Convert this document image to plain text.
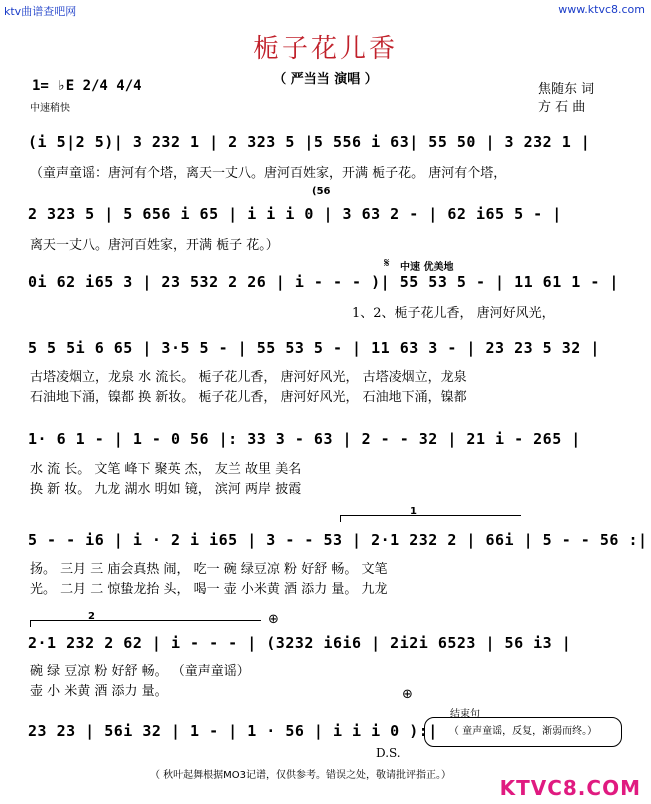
ktv曲谱查吧网	www.ktvc8.com
栀子花儿香
（ 严当当 演唱 ）
1= ♭E 2/4 4/4
中速稍快
焦随东 词
方 石 曲
(i 5|2 5)| 3 232 1 | 2 323 5 |5 556 i 63| 55 50 | 3 232 1 |
（童声童谣：唐河有个塔，离天一丈八。唐河百姓家，开满 栀子花。 唐河有个塔，
(56
2 323 5 | 5 656 i 65 | i i i 0 | 3 63 2 - | 62 i65 5 - |
离天一丈八。唐河百姓家，开满 栀子 花。）
𝄋 中速 优美地
0i 62 i65 3 | 23 532 2 26 | i - - - )| 55 53 5 - | 11 61 1 - |
1、2、栀子花儿香， 唐河好风光，
5 5 5i 6 65 | 3·5 5 - | 55 53 5 - | 11 63 3 - | 23 23 5 32 |
古塔凌烟立，龙泉 水 流长。 栀子花儿香， 唐河好风光， 古塔凌烟立，龙泉
石油地下涌，镍都 换 新妆。 栀子花儿香， 唐河好风光， 石油地下涌，镍都
1· 6 1 - | 1 - 0 56 |: 33 3 - 63 | 2 - - 32 | 21 i - 265 |
水 流 长。 文笔 峰下 聚英 杰， 友兰 故里 美名
换 新 妆。 九龙 湖水 明如 镜， 滨河 两岸 披霞
1
5 - - i6 | i · 2 i i65 | 3 - - 53 | 2·1 232 2 | 66i | 5 - - 56 :|
扬。 三月 三 庙会真热 闹， 吃一 碗 绿豆凉 粉 好舒 畅。 文笔
光。 二月 二 惊蛰龙抬 头， 喝一 壶 小米黄 酒 添力 量。 九龙
2	⊕
2·1 232 2 62 | i - - - | (3232 i6i6 | 2i2i 6523 | 56 i3 |
碗 绿 豆凉 粉 好舒 畅。 （童声童谣）
壶 小 米黄 酒 添力 量。	⊕
结束句
23 23 | 56i 32 | 1 - | 1 · 56 | i i i 0 ):|	（ 童声童谣，反复，渐弱而终。）
D.S.
（ 秋叶起舞根据MO3记谱，仅供参考。错误之处，敬请批评指正。）
KTVC8.COM
